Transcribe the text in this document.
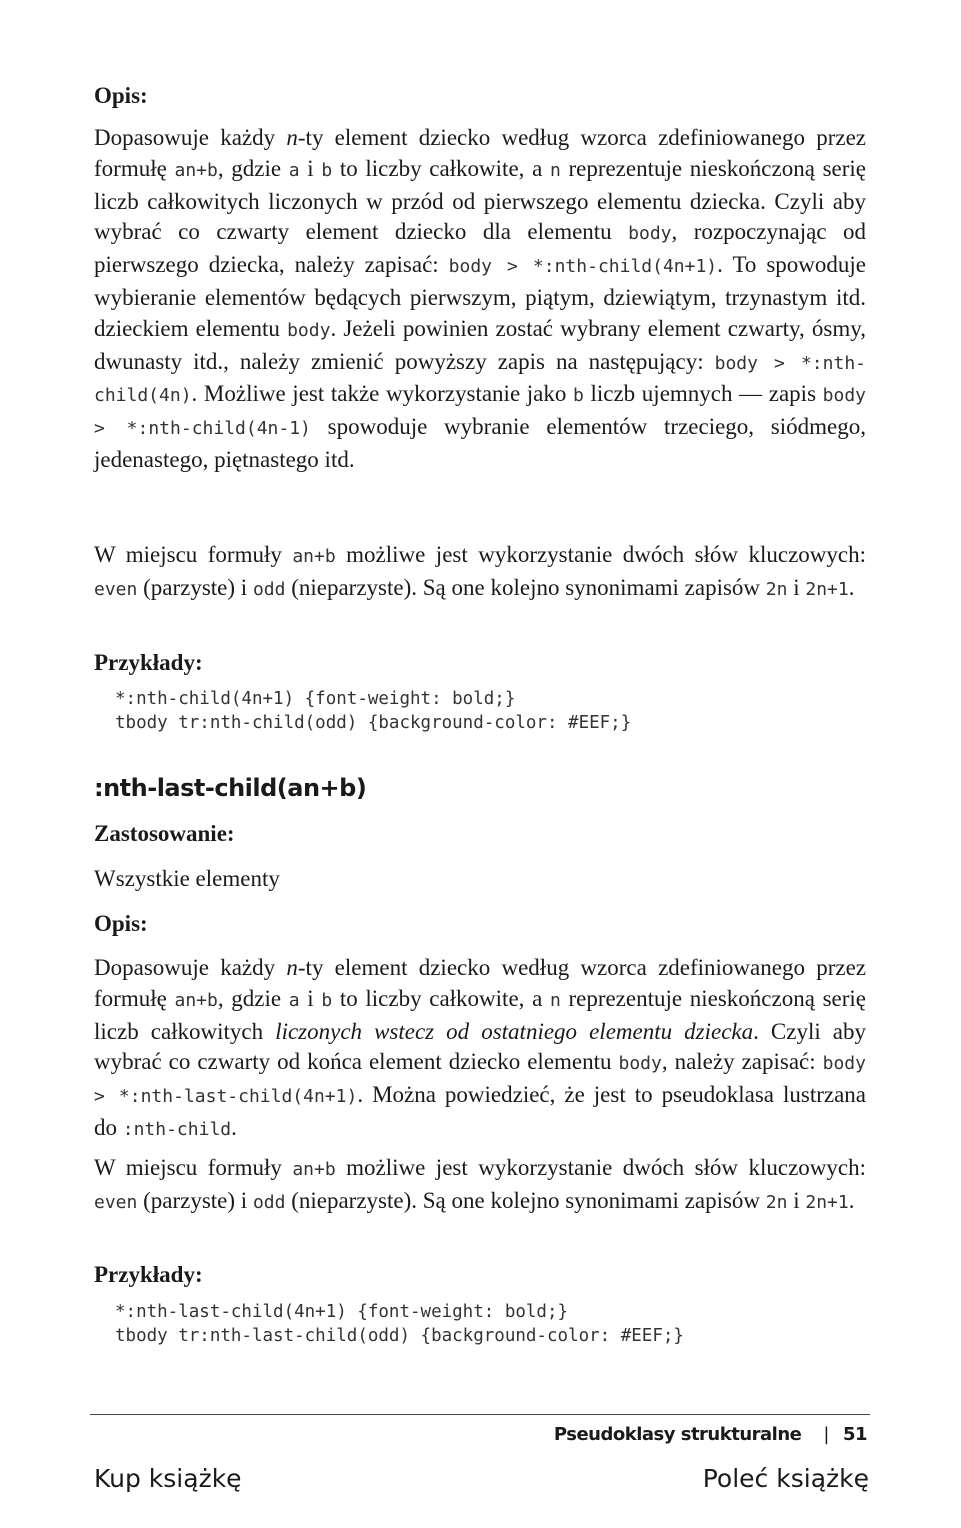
Opis:

Dopasowuje każdy n-ty element dziecko według wzorca zdefiniowanego przez formułę an+b, gdzie a i b to liczby całkowite, a n reprezentuje nieskończoną serię liczb całkowitych liczonych w przód od pierwszego elementu dziecka. Czyli aby wybrać co czwarty element dziecko dla elementu body, rozpoczynając od pierwszego dziecka, należy zapisać: body > *:nth-child(4n+1). To spowoduje wybieranie elementów będących pierwszym, piątym, dziewiątym, trzynastym itd. dzieckiem elementu body. Jeżeli powinien zostać wybrany element czwarty, ósmy, dwunasty itd., należy zmienić powyższy zapis na następujący: body > *:nth-child(4n). Możliwe jest także wykorzystanie jako b liczb ujemnych — zapis body > *:nth-child(4n-1) spowoduje wybranie elementów trzeciego, siódmego, jedenastego, piętnastego itd.

W miejscu formuły an+b możliwe jest wykorzystanie dwóch słów kluczowych: even (parzyste) i odd (nieparzyste). Są one kolejno synonimami zapisów 2n i 2n+1.

Przykłady:

*:nth-child(4n+1) {font-weight: bold;}
tbody tr:nth-child(odd) {background-color: #EEF;}

:nth-last-child(an+b)

Zastosowanie:

Wszystkie elementy

Opis:

Dopasowuje każdy n-ty element dziecko według wzorca zdefiniowanego przez formułę an+b, gdzie a i b to liczby całkowite, a n reprezentuje nieskończoną serię liczb całkowitych liczonych wstecz od ostatniego elementu dziecka. Czyli aby wybrać co czwarty od końca element dziecko elementu body, należy zapisać: body > *:nth-last-child(4n+1). Można powiedzieć, że jest to pseudoklasa lustrzana do :nth-child.

W miejscu formuły an+b możliwe jest wykorzystanie dwóch słów kluczowych: even (parzyste) i odd (nieparzyste). Są one kolejno synonimami zapisów 2n i 2n+1.

Przykłady:

*:nth-last-child(4n+1) {font-weight: bold;}
tbody tr:nth-last-child(odd) {background-color: #EEF;}
Pseudoklasy strukturalne | 51
Kup książkę	Poleć książkę
